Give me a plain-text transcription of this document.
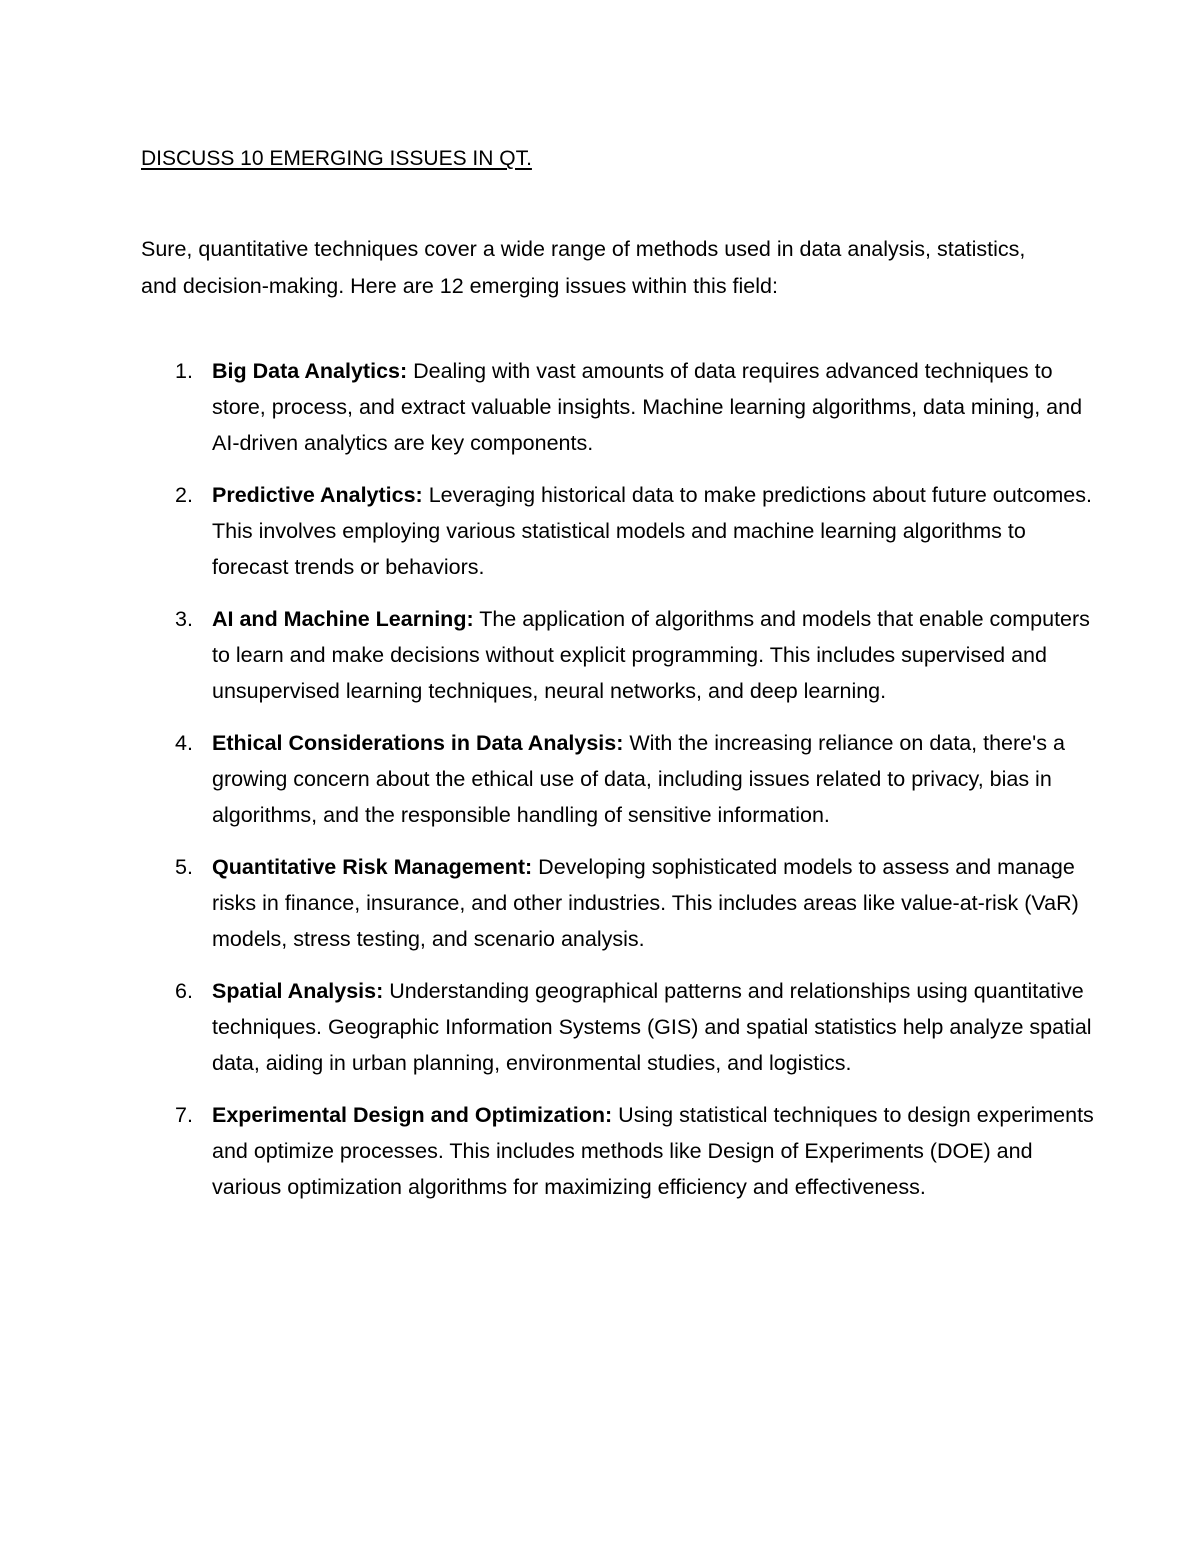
DISCUSS 10 EMERGING ISSUES IN QT.

Sure, quantitative techniques cover a wide range of methods used in data analysis, statistics, and decision-making. Here are 12 emerging issues within this field:

1. Big Data Analytics: Dealing with vast amounts of data requires advanced techniques to store, process, and extract valuable insights. Machine learning algorithms, data mining, and AI-driven analytics are key components.
2. Predictive Analytics: Leveraging historical data to make predictions about future outcomes. This involves employing various statistical models and machine learning algorithms to forecast trends or behaviors.
3. AI and Machine Learning: The application of algorithms and models that enable computers to learn and make decisions without explicit programming. This includes supervised and unsupervised learning techniques, neural networks, and deep learning.
4. Ethical Considerations in Data Analysis: With the increasing reliance on data, there's a growing concern about the ethical use of data, including issues related to privacy, bias in algorithms, and the responsible handling of sensitive information.
5. Quantitative Risk Management: Developing sophisticated models to assess and manage risks in finance, insurance, and other industries. This includes areas like value-at-risk (VaR) models, stress testing, and scenario analysis.
6. Spatial Analysis: Understanding geographical patterns and relationships using quantitative techniques. Geographic Information Systems (GIS) and spatial statistics help analyze spatial data, aiding in urban planning, environmental studies, and logistics.
7. Experimental Design and Optimization: Using statistical techniques to design experiments and optimize processes. This includes methods like Design of Experiments (DOE) and various optimization algorithms for maximizing efficiency and effectiveness.
